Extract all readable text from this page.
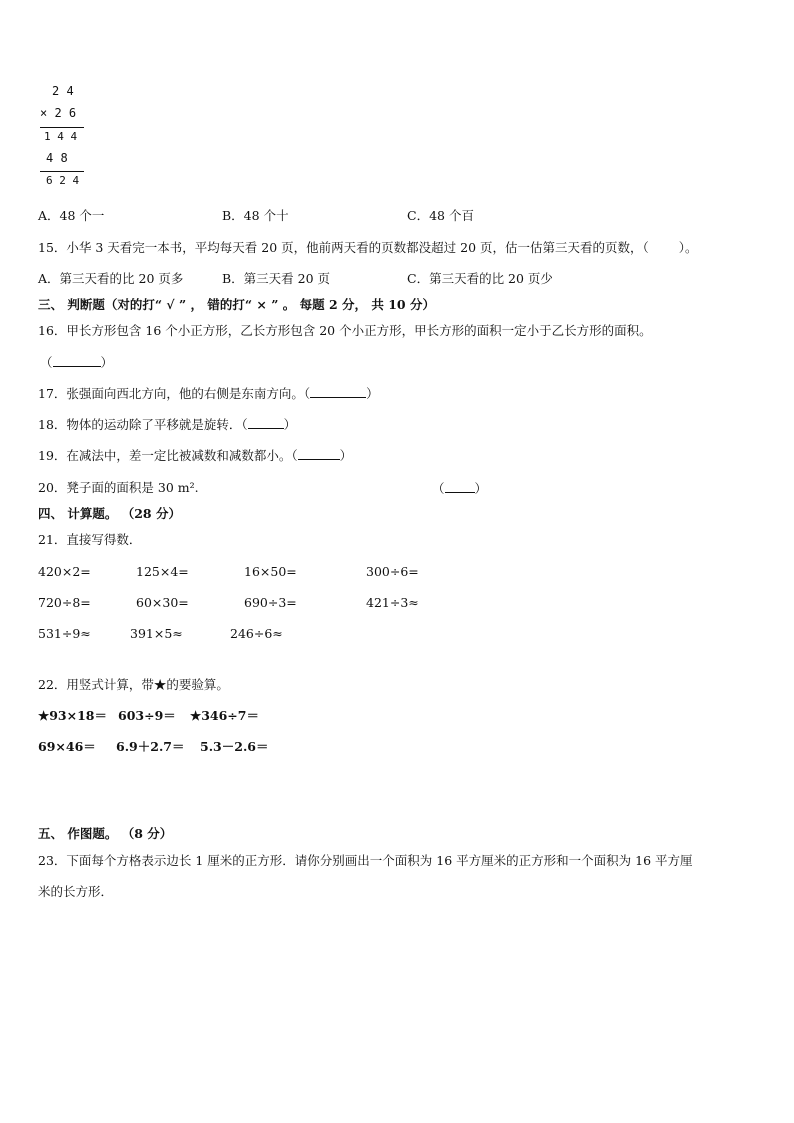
2 4
× 2 6
1 4 4
4 8
6 2 4
A．48 个一	B．48 个十	C．48 个百
15．小华 3 天看完一本书，平均每天看 20 页，他前两天看的页数都没超过 20 页，估一估第三天看的页数，（ ）。
A．第三天看的比 20 页多	B．第三天看 20 页	C．第三天看的比 20 页少
三、 判断题（对的打“ √ ” ， 错的打“ × ” 。 每题 2 分， 共 10 分）
16．甲长方形包含 16 个小正方形，乙长方形包含 20 个小正方形，甲长方形的面积一定小于乙长方形的面积。
（	）
17．张强面向西北方向，他的右侧是东南方向。（	）
18．物体的运动除了平移就是旋转．（	）
19．在减法中，差一定比被减数和减数都小。（	）
20．凳子面的面积是 30 m².	（ ）
四、 计算题。 （28 分）
21．直接写得数．
420×2=	125×4=	16×50=	300÷6=
720÷8=	60×30=	690÷3=	421÷3≈
531÷9≈	391×5≈	246÷6≈
22．用竖式计算，带★的要验算。
★93×18＝ 603÷9＝ ★346÷7＝
69×46＝ 6.9＋2.7＝ 5.3－2.6＝
五、 作图题。 （8 分）
23．下面每个方格表示边长 1 厘米的正方形．请你分别画出一个面积为 16 平方厘米的正方形和一个面积为 16 平方厘
米的长方形．
